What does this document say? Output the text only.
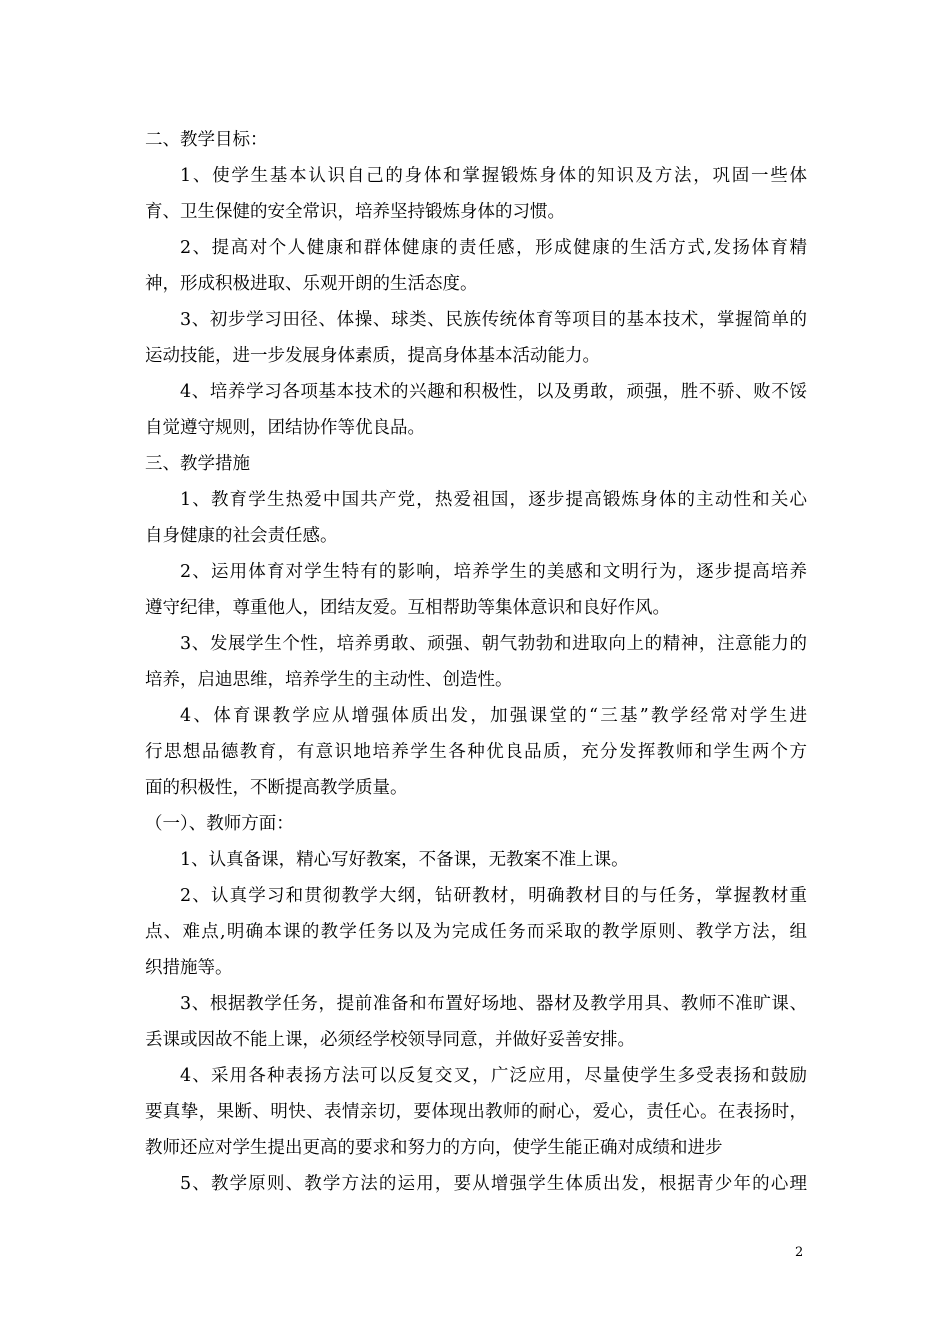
二、教学目标：
1、使学生基本认识自己的身体和掌握锻炼身体的知识及方法，巩固一些体
育、卫生保健的安全常识，培养坚持锻炼身体的习惯。
2、提高对个人健康和群体健康的责任感，形成健康的生活方式,发扬体育精
神，形成积极进取、乐观开朗的生活态度。
3、初步学习田径、体操、球类、民族传统体育等项目的基本技术，掌握简单的
运动技能，进一步发展身体素质，提高身体基本活动能力。
4、培养学习各项基本技术的兴趣和积极性，以及勇敢，顽强，胜不骄、败不馁
自觉遵守规则，团结协作等优良品。
三、教学措施
1、教育学生热爱中国共产党，热爱祖国，逐步提高锻炼身体的主动性和关心
自身健康的社会责任感。
2、运用体育对学生特有的影响，培养学生的美感和文明行为，逐步提高培养
遵守纪律，尊重他人，团结友爱。互相帮助等集体意识和良好作风。
3、发展学生个性，培养勇敢、顽强、朝气勃勃和进取向上的精神，注意能力的
培养，启迪思维，培养学生的主动性、创造性。
4、体育课教学应从增强体质出发，加强课堂的“三基”教学经常对学生进
行思想品德教育，有意识地培养学生各种优良品质，充分发挥教师和学生两个方
面的积极性，不断提高教学质量。
（一）、教师方面：
1、认真备课，精心写好教案，不备课，无教案不准上课。
2、认真学习和贯彻教学大纲，钻研教材，明确教材目的与任务，掌握教材重
点、难点,明确本课的教学任务以及为完成任务而采取的教学原则、教学方法，组
织措施等。
3、根据教学任务，提前准备和布置好场地、器材及教学用具、教师不准旷课、
丢课或因故不能上课，必须经学校领导同意，并做好妥善安排。
4、采用各种表扬方法可以反复交叉，广泛应用，尽量使学生多受表扬和鼓励
要真挚，果断、明快、表情亲切，要体现出教师的耐心，爱心，责任心。在表扬时，
教师还应对学生提出更高的要求和努力的方向，使学生能正确对成绩和进步
5、教学原则、教学方法的运用，要从增强学生体质出发，根据青少年的心理
2
